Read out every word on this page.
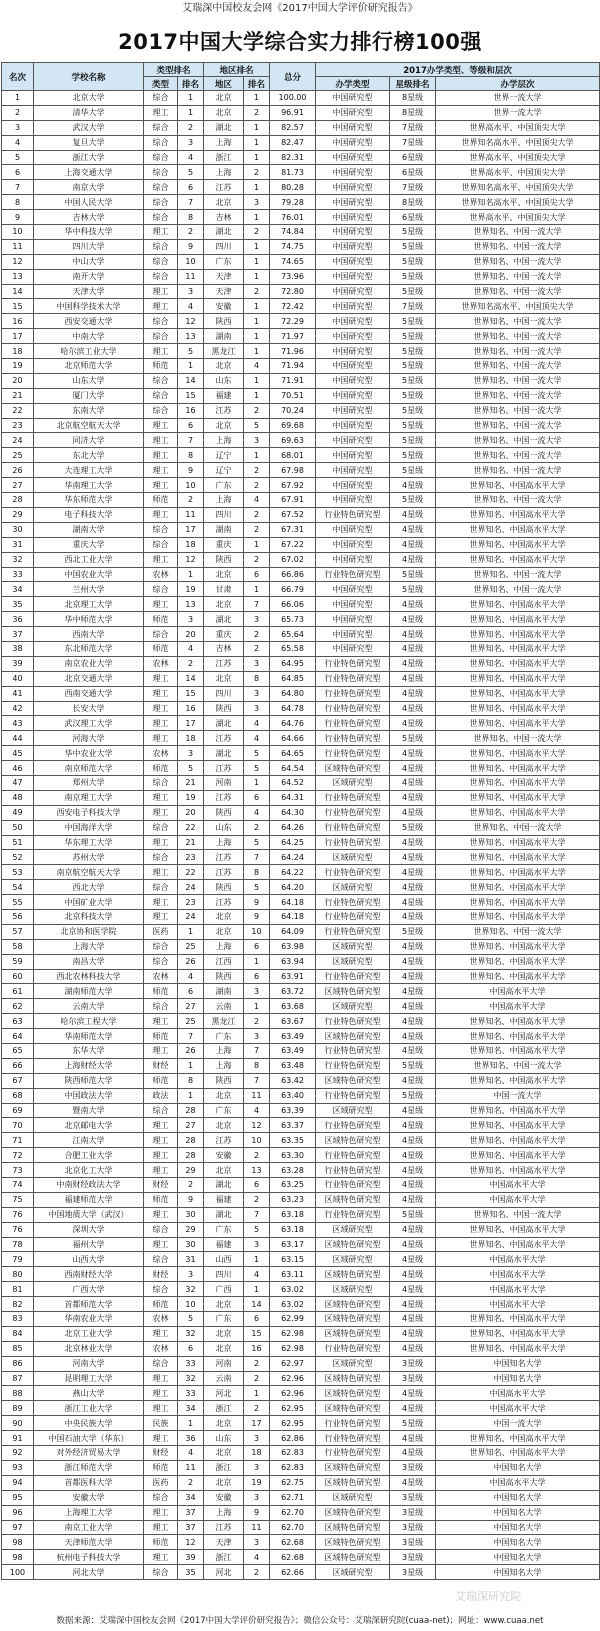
艾瑞深中国校友会网《2017中国大学评价研究报告》
2017中国大学综合实力排行榜100强
名次	学校名称	类型排名		地区排名		总分	2017办学类型、等级和层次		
		类型	排名	地区	排名		办学类型	星级排名	办学层次
1	北京大学	综合	1	北京	1	100.00	中国研究型	8星级	世界一流大学
2	清华大学	理工	1	北京	2	96.91	中国研究型	8星级	世界一流大学
3	武汉大学	综合	2	湖北	1	82.57	中国研究型	7星级	世界高水平、中国顶尖大学
4	复旦大学	综合	3	上海	1	82.47	中国研究型	7星级	世界知名高水平、中国顶尖大学
5	浙江大学	综合	4	浙江	1	82.31	中国研究型	6星级	世界高水平、中国顶尖大学
6	上海交通大学	综合	5	上海	2	81.73	中国研究型	6星级	世界高水平、中国顶尖大学
7	南京大学	综合	6	江苏	1	80.28	中国研究型	7星级	世界知名高水平、中国顶尖大学
8	中国人民大学	综合	7	北京	3	79.28	中国研究型	8星级	世界知名高水平、中国顶尖大学
9	吉林大学	综合	8	吉林	1	76.01	中国研究型	6星级	世界高水平、中国顶尖大学
10	华中科技大学	理工	2	湖北	2	74.84	中国研究型	5星级	世界知名、中国一流大学
11	四川大学	综合	9	四川	1	74.75	中国研究型	5星级	世界知名、中国一流大学
12	中山大学	综合	10	广东	1	74.65	中国研究型	5星级	世界知名、中国一流大学
13	南开大学	综合	11	天津	1	73.96	中国研究型	5星级	世界知名、中国一流大学
14	天津大学	理工	3	天津	2	72.80	中国研究型	5星级	世界知名、中国一流大学
15	中国科学技术大学	理工	4	安徽	1	72.42	中国研究型	7星级	世界知名高水平、中国顶尖大学
16	西安交通大学	综合	12	陕西	1	72.29	中国研究型	5星级	世界知名、中国一流大学
17	中南大学	综合	13	湖南	1	71.97	中国研究型	5星级	世界知名、中国一流大学
18	哈尔滨工业大学	理工	5	黑龙江	1	71.96	中国研究型	5星级	世界知名、中国一流大学
19	北京师范大学	师范	1	北京	4	71.94	中国研究型	5星级	世界知名、中国一流大学
20	山东大学	综合	14	山东	1	71.91	中国研究型	5星级	世界知名、中国一流大学
21	厦门大学	综合	15	福建	1	70.51	中国研究型	5星级	世界知名、中国一流大学
22	东南大学	综合	16	江苏	2	70.24	中国研究型	5星级	世界知名、中国一流大学
23	北京航空航天大学	理工	6	北京	5	69.68	中国研究型	5星级	世界知名、中国一流大学
24	同济大学	理工	7	上海	3	69.63	中国研究型	5星级	世界知名、中国一流大学
25	东北大学	理工	8	辽宁	1	68.01	中国研究型	5星级	世界知名、中国一流大学
26	大连理工大学	理工	9	辽宁	2	67.98	中国研究型	5星级	世界知名、中国一流大学
27	华南理工大学	理工	10	广东	2	67.92	中国研究型	4星级	世界知名、中国高水平大学
28	华东师范大学	师范	2	上海	4	67.91	中国研究型	5星级	世界知名、中国一流大学
29	电子科技大学	理工	11	四川	2	67.52	行业特色研究型	4星级	世界知名、中国高水平大学
30	湖南大学	综合	17	湖南	2	67.31	中国研究型	4星级	世界知名、中国高水平大学
31	重庆大学	综合	18	重庆	1	67.22	中国研究型	4星级	世界知名、中国高水平大学
32	西北工业大学	理工	12	陕西	2	67.02	中国研究型	4星级	世界知名、中国高水平大学
33	中国农业大学	农林	1	北京	6	66.86	行业特色研究型	5星级	世界知名、中国一流大学
34	兰州大学	综合	19	甘肃	1	66.79	中国研究型	5星级	世界知名、中国一流大学
35	北京理工大学	理工	13	北京	7	66.06	中国研究型	4星级	世界知名、中国高水平大学
36	华中师范大学	师范	3	湖北	3	65.73	中国研究型	4星级	世界知名、中国高水平大学
37	西南大学	综合	20	重庆	2	65.64	中国研究型	4星级	世界知名、中国高水平大学
38	东北师范大学	师范	4	吉林	2	65.58	中国研究型	4星级	世界知名、中国高水平大学
39	南京农业大学	农林	2	江苏	3	64.95	行业特色研究型	4星级	世界知名、中国高水平大学
40	北京交通大学	理工	14	北京	8	64.85	行业特色研究型	4星级	世界知名、中国高水平大学
41	西南交通大学	理工	15	四川	3	64.80	行业特色研究型	4星级	世界知名、中国高水平大学
42	长安大学	理工	16	陕西	3	64.78	行业特色研究型	4星级	世界知名、中国高水平大学
43	武汉理工大学	理工	17	湖北	4	64.76	行业特色研究型	4星级	世界知名、中国高水平大学
44	河海大学	理工	18	江苏	4	64.66	行业特色研究型	5星级	世界知名、中国一流大学
45	华中农业大学	农林	3	湖北	5	64.65	行业特色研究型	4星级	世界知名、中国高水平大学
46	南京师范大学	师范	5	江苏	5	64.54	区域特色研究型	4星级	世界知名、中国高水平大学
47	郑州大学	综合	21	河南	1	64.52	区域研究型	4星级	世界知名、中国高水平大学
48	南京理工大学	理工	19	江苏	6	64.31	行业特色研究型	4星级	世界知名、中国高水平大学
49	西安电子科技大学	理工	20	陕西	4	64.30	行业特色研究型	4星级	世界知名、中国高水平大学
50	中国海洋大学	综合	22	山东	2	64.26	行业特色研究型	5星级	世界知名、中国一流大学
51	华东理工大学	理工	21	上海	5	64.25	行业特色研究型	4星级	世界知名、中国高水平大学
52	苏州大学	综合	23	江苏	7	64.24	区域研究型	4星级	世界知名、中国高水平大学
53	南京航空航天大学	理工	22	江苏	8	64.22	行业特色研究型	4星级	世界知名、中国高水平大学
54	西北大学	综合	24	陕西	5	64.20	区域研究型	4星级	世界知名、中国高水平大学
55	中国矿业大学	理工	23	江苏	9	64.18	行业特色研究型	4星级	世界知名、中国高水平大学
56	北京科技大学	理工	24	北京	9	64.18	行业特色研究型	4星级	世界知名、中国高水平大学
57	北京协和医学院	医药	1	北京	10	64.09	行业特色研究型	5星级	世界知名、中国一流大学
58	上海大学	综合	25	上海	6	63.98	区域研究型	4星级	世界知名、中国高水平大学
59	南昌大学	综合	26	江西	1	63.94	区域研究型	4星级	世界知名、中国高水平大学
60	西北农林科技大学	农林	4	陕西	6	63.91	行业特色研究型	4星级	世界知名、中国高水平大学
61	湖南师范大学	师范	6	湖南	3	63.72	区域特色研究型	4星级	中国高水平大学
62	云南大学	综合	27	云南	1	63.68	区域研究型	4星级	中国高水平大学
63	哈尔滨工程大学	理工	25	黑龙江	2	63.67	行业特色研究型	4星级	世界知名、中国高水平大学
64	华南师范大学	师范	7	广东	3	63.49	区域特色研究型	4星级	世界知名、中国高水平大学
65	东华大学	理工	26	上海	7	63.49	行业特色研究型	4星级	世界知名、中国高水平大学
66	上海财经大学	财经	1	上海	8	63.48	行业特色研究型	5星级	世界知名、中国一流大学
67	陕西师范大学	师范	8	陕西	7	63.42	区域特色研究型	4星级	世界知名、中国高水平大学
68	中国政法大学	政法	1	北京	11	63.40	行业特色研究型	5星级	中国一流大学
69	暨南大学	综合	28	广东	4	63.39	区域研究型	4星级	世界知名、中国高水平大学
70	北京邮电大学	理工	27	北京	12	63.37	行业特色研究型	4星级	世界知名、中国高水平大学
71	江南大学	理工	28	江苏	10	63.35	区域特色研究型	4星级	世界知名、中国高水平大学
72	合肥工业大学	理工	28	安徽	2	63.30	行业特色研究型	4星级	世界知名、中国高水平大学
73	北京化工大学	理工	29	北京	13	63.28	行业特色研究型	4星级	世界知名、中国高水平大学
74	中南财经政法大学	财经	2	湖北	6	63.25	行业特色研究型	4星级	中国高水平大学
75	福建师范大学	师范	9	福建	2	63.23	区域特色研究型	4星级	中国高水平大学
76	中国地质大学（武汉）	理工	30	湖北	7	63.18	行业特色研究型	5星级	世界知名、中国一流大学
76	深圳大学	综合	29	广东	5	63.18	区域研究型	4星级	世界知名、中国高水平大学
78	福州大学	理工	30	福建	3	63.17	区域特色研究型	4星级	世界知名、中国高水平大学
79	山西大学	综合	31	山西	1	63.15	区域研究型	4星级	中国高水平大学
80	西南财经大学	财经	3	四川	4	63.11	区域特色研究型	4星级	中国高水平大学
81	广西大学	综合	32	广西	1	63.02	区域研究型	4星级	中国高水平大学
82	首都师范大学	师范	10	北京	14	63.02	区域特色研究型	4星级	中国高水平大学
83	华南农业大学	农林	5	广东	6	62.99	区域特色研究型	4星级	世界知名、中国高水平大学
84	北京工业大学	理工	32	北京	15	62.98	区域特色研究型	4星级	世界知名、中国高水平大学
85	北京林业大学	农林	6	北京	16	62.98	行业特色研究型	4星级	世界知名、中国高水平大学
86	河南大学	综合	33	河南	2	62.97	区域研究型	3星级	中国知名大学
87	昆明理工大学	理工	32	云南	2	62.96	区域特色研究型	3星级	中国知名大学
88	燕山大学	理工	33	河北	1	62.96	区域特色研究型	4星级	中国高水平大学
89	浙江工业大学	理工	34	浙江	2	62.95	区域特色研究型	4星级	中国高水平大学
90	中央民族大学	民族	1	北京	17	62.95	行业特色研究型	5星级	中国一流大学
91	中国石油大学（华东）	理工	36	山东	3	62.86	行业特色研究型	4星级	世界知名、中国高水平大学
92	对外经济贸易大学	财经	4	北京	18	62.83	行业特色研究型	4星级	世界知名、中国高水平大学
93	浙江师范大学	师范	11	浙江	3	62.83	区域特色研究型	3星级	中国知名大学
94	首都医科大学	医药	2	北京	19	62.75	区域特色研究型	4星级	中国高水平大学
95	安徽大学	综合	34	安徽	3	62.71	区域研究型	3星级	中国知名大学
96	上海理工大学	理工	37	上海	9	62.70	区域特色研究型	3星级	中国知名大学
97	南京工业大学	理工	37	江苏	11	62.70	区域特色研究型	3星级	中国知名大学
98	天津师范大学	师范	12	天津	3	62.68	区域特色研究型	3星级	中国知名大学
98	杭州电子科技大学	理工	39	浙江	4	62.68	区域特色研究型	3星级	中国知名大学
100	河北大学	综合	35	河北	2	62.66	区域研究型	3星级	中国知名大学
艾瑞深研究院
数据来源：艾瑞深中国校友会网《2017中国大学评价研究报告》；微信公众号：艾瑞深研究院(cuaa-net)；网址：www.cuaa.net
